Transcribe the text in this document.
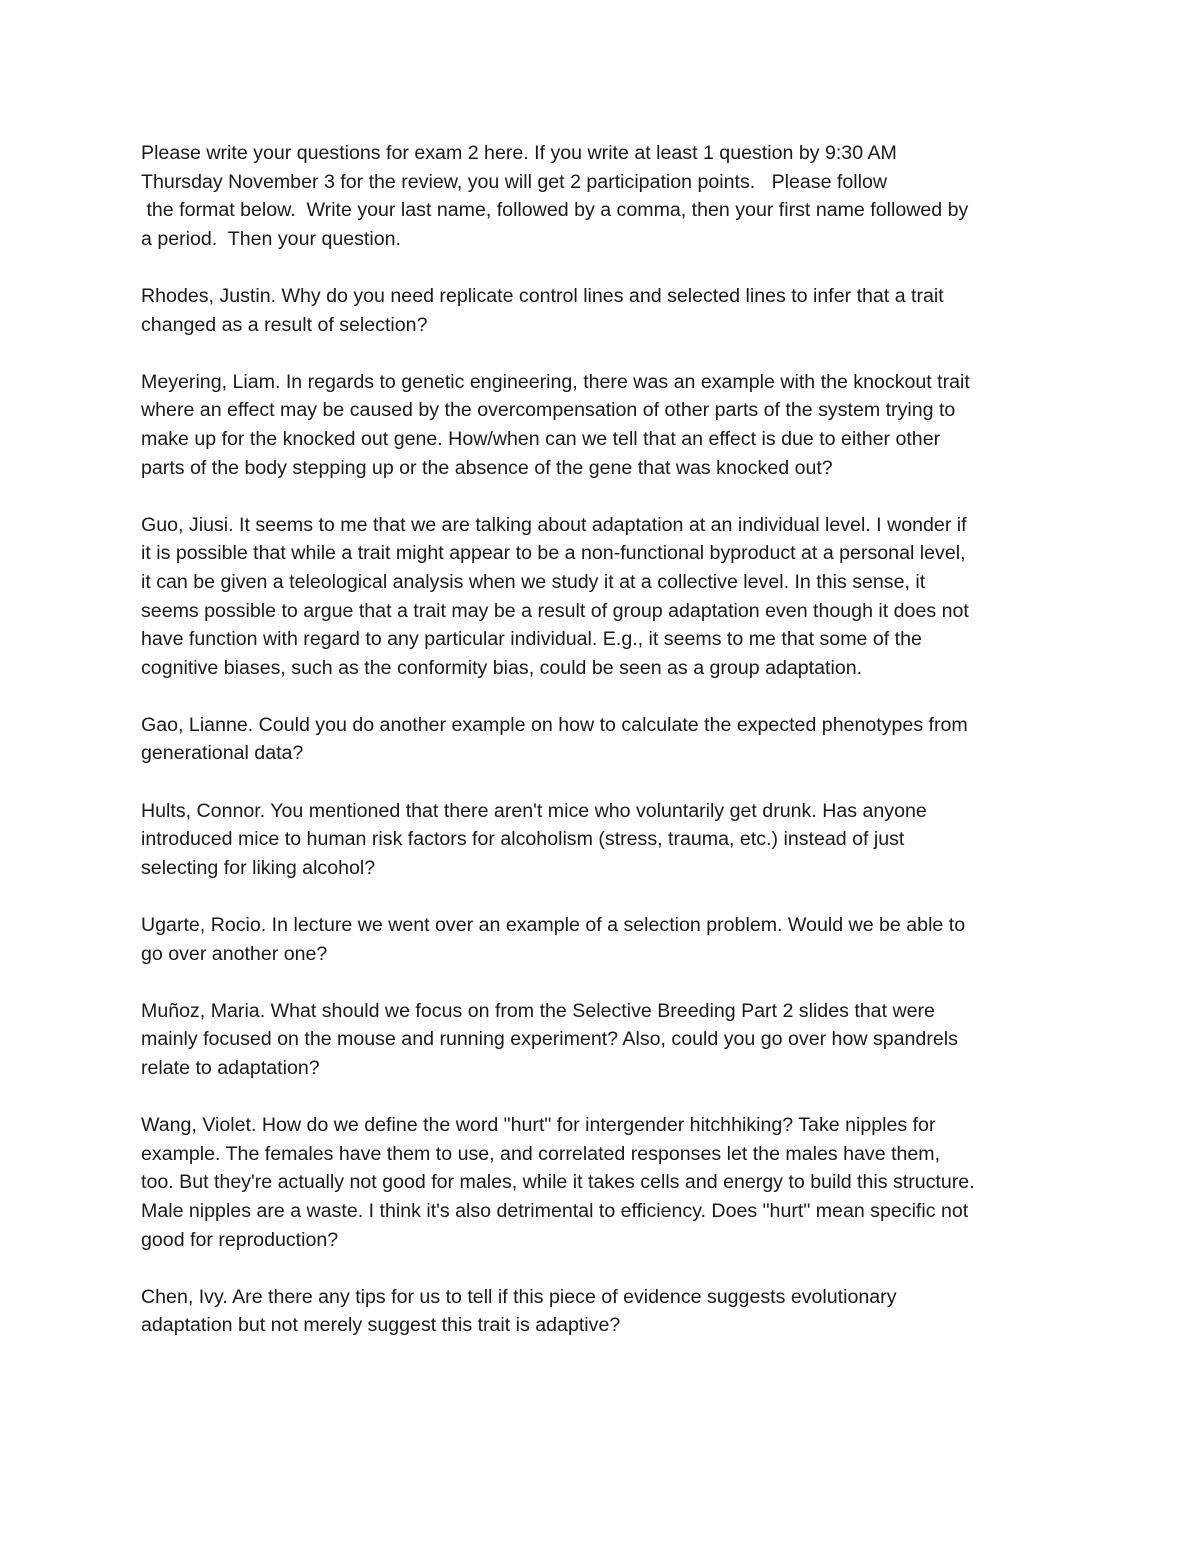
Please write your questions for exam 2 here. If you write at least 1 question by 9:30 AM
Thursday November 3 for the review, you will get 2 participation points.   Please follow
the format below.  Write your last name, followed by a comma, then your first name followed by
a period.  Then your question.

Rhodes, Justin. Why do you need replicate control lines and selected lines to infer that a trait
changed as a result of selection?

Meyering, Liam. In regards to genetic engineering, there was an example with the knockout trait
where an effect may be caused by the overcompensation of other parts of the system trying to
make up for the knocked out gene. How/when can we tell that an effect is due to either other
parts of the body stepping up or the absence of the gene that was knocked out?

Guo, Jiusi. It seems to me that we are talking about adaptation at an individual level. I wonder if
it is possible that while a trait might appear to be a non-functional byproduct at a personal level,
it can be given a teleological analysis when we study it at a collective level. In this sense, it
seems possible to argue that a trait may be a result of group adaptation even though it does not
have function with regard to any particular individual. E.g., it seems to me that some of the
cognitive biases, such as the conformity bias, could be seen as a group adaptation.

Gao, Lianne. Could you do another example on how to calculate the expected phenotypes from
generational data?

Hults, Connor. You mentioned that there aren't mice who voluntarily get drunk. Has anyone
introduced mice to human risk factors for alcoholism (stress, trauma, etc.) instead of just
selecting for liking alcohol?

Ugarte, Rocio. In lecture we went over an example of a selection problem. Would we be able to
go over another one?

Muñoz, Maria. What should we focus on from the Selective Breeding Part 2 slides that were
mainly focused on the mouse and running experiment? Also, could you go over how spandrels
relate to adaptation?

Wang, Violet. How do we define the word "hurt" for intergender hitchhiking? Take nipples for
example. The females have them to use, and correlated responses let the males have them,
too. But they're actually not good for males, while it takes cells and energy to build this structure.
Male nipples are a waste. I think it's also detrimental to efficiency. Does "hurt" mean specific not
good for reproduction?

Chen, Ivy. Are there any tips for us to tell if this piece of evidence suggests evolutionary
adaptation but not merely suggest this trait is adaptive?
